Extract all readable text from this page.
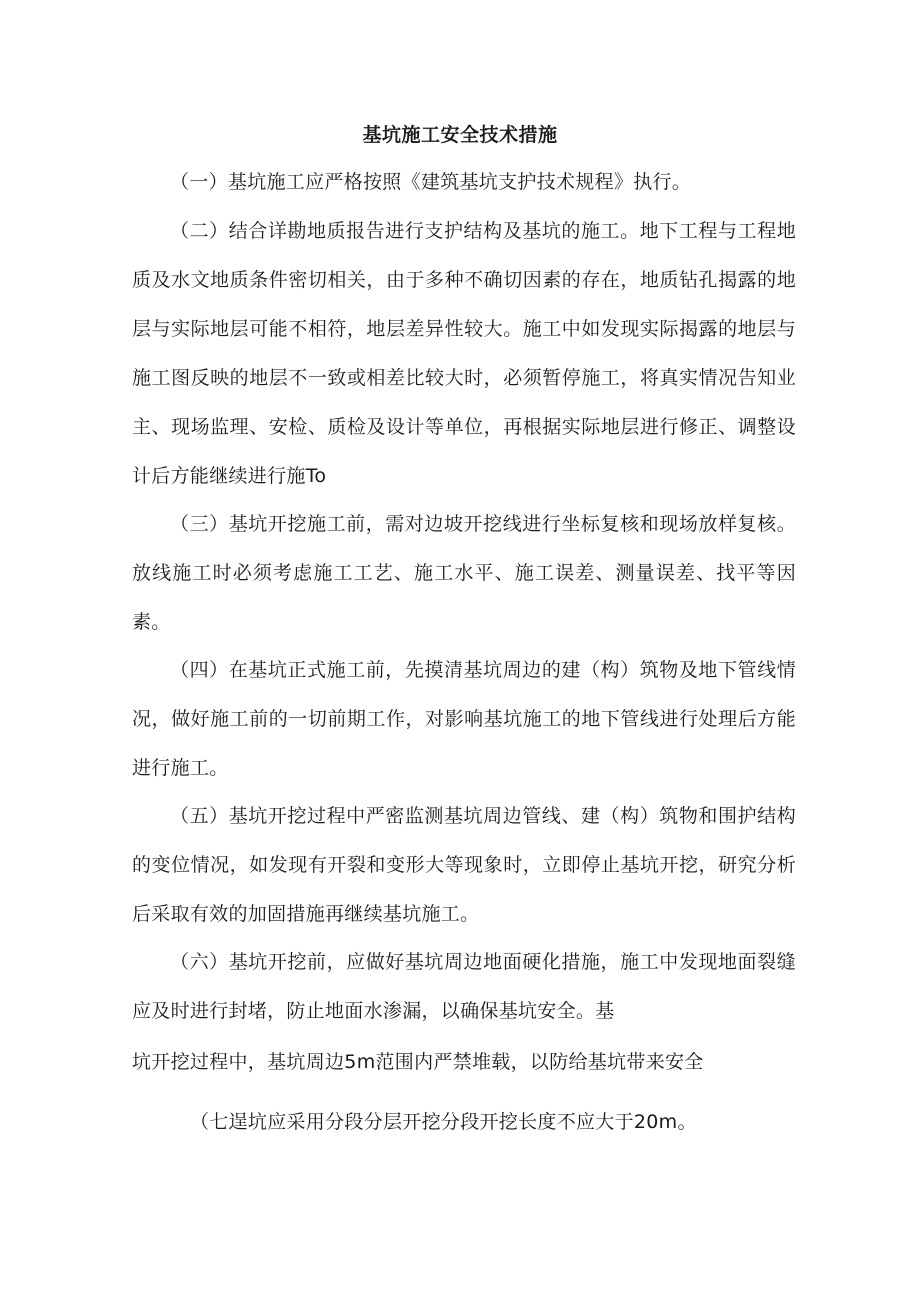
基坑施工安全技术措施
（一）基坑施工应严格按照《建筑基坑支护技术规程》执行。
（二）结合详勘地质报告进行支护结构及基坑的施工。地下工程与工程地质及水文地质条件密切相关，由于多种不确切因素的存在，地质钻孔揭露的地层与实际地层可能不相符，地层差异性较大。施工中如发现实际揭露的地层与施工图反映的地层不一致或相差比较大时，必须暂停施工，将真实情况告知业主、现场监理、安检、质检及设计等单位，再根据实际地层进行修正、调整设计后方能继续进行施To
（三）基坑开挖施工前，需对边坡开挖线进行坐标复核和现场放样复核。放线施工时必须考虑施工工艺、施工水平、施工误差、测量误差、找平等因素。
（四）在基坑正式施工前，先摸清基坑周边的建（构）筑物及地下管线情况，做好施工前的一切前期工作，对影响基坑施工的地下管线进行处理后方能进行施工。
（五）基坑开挖过程中严密监测基坑周边管线、建（构）筑物和围护结构的变位情况，如发现有开裂和变形大等现象时，立即停止基坑开挖，研究分析后采取有效的加固措施再继续基坑施工。
（六）基坑开挖前，应做好基坑周边地面硬化措施，施工中发现地面裂缝应及时进行封堵，防止地面水渗漏，以确保基坑安全。基
坑开挖过程中，基坑周边5m范围内严禁堆载，以防给基坑带来安全
（七逞坑应采用分段分层开挖分段开挖长度不应大于20m。
